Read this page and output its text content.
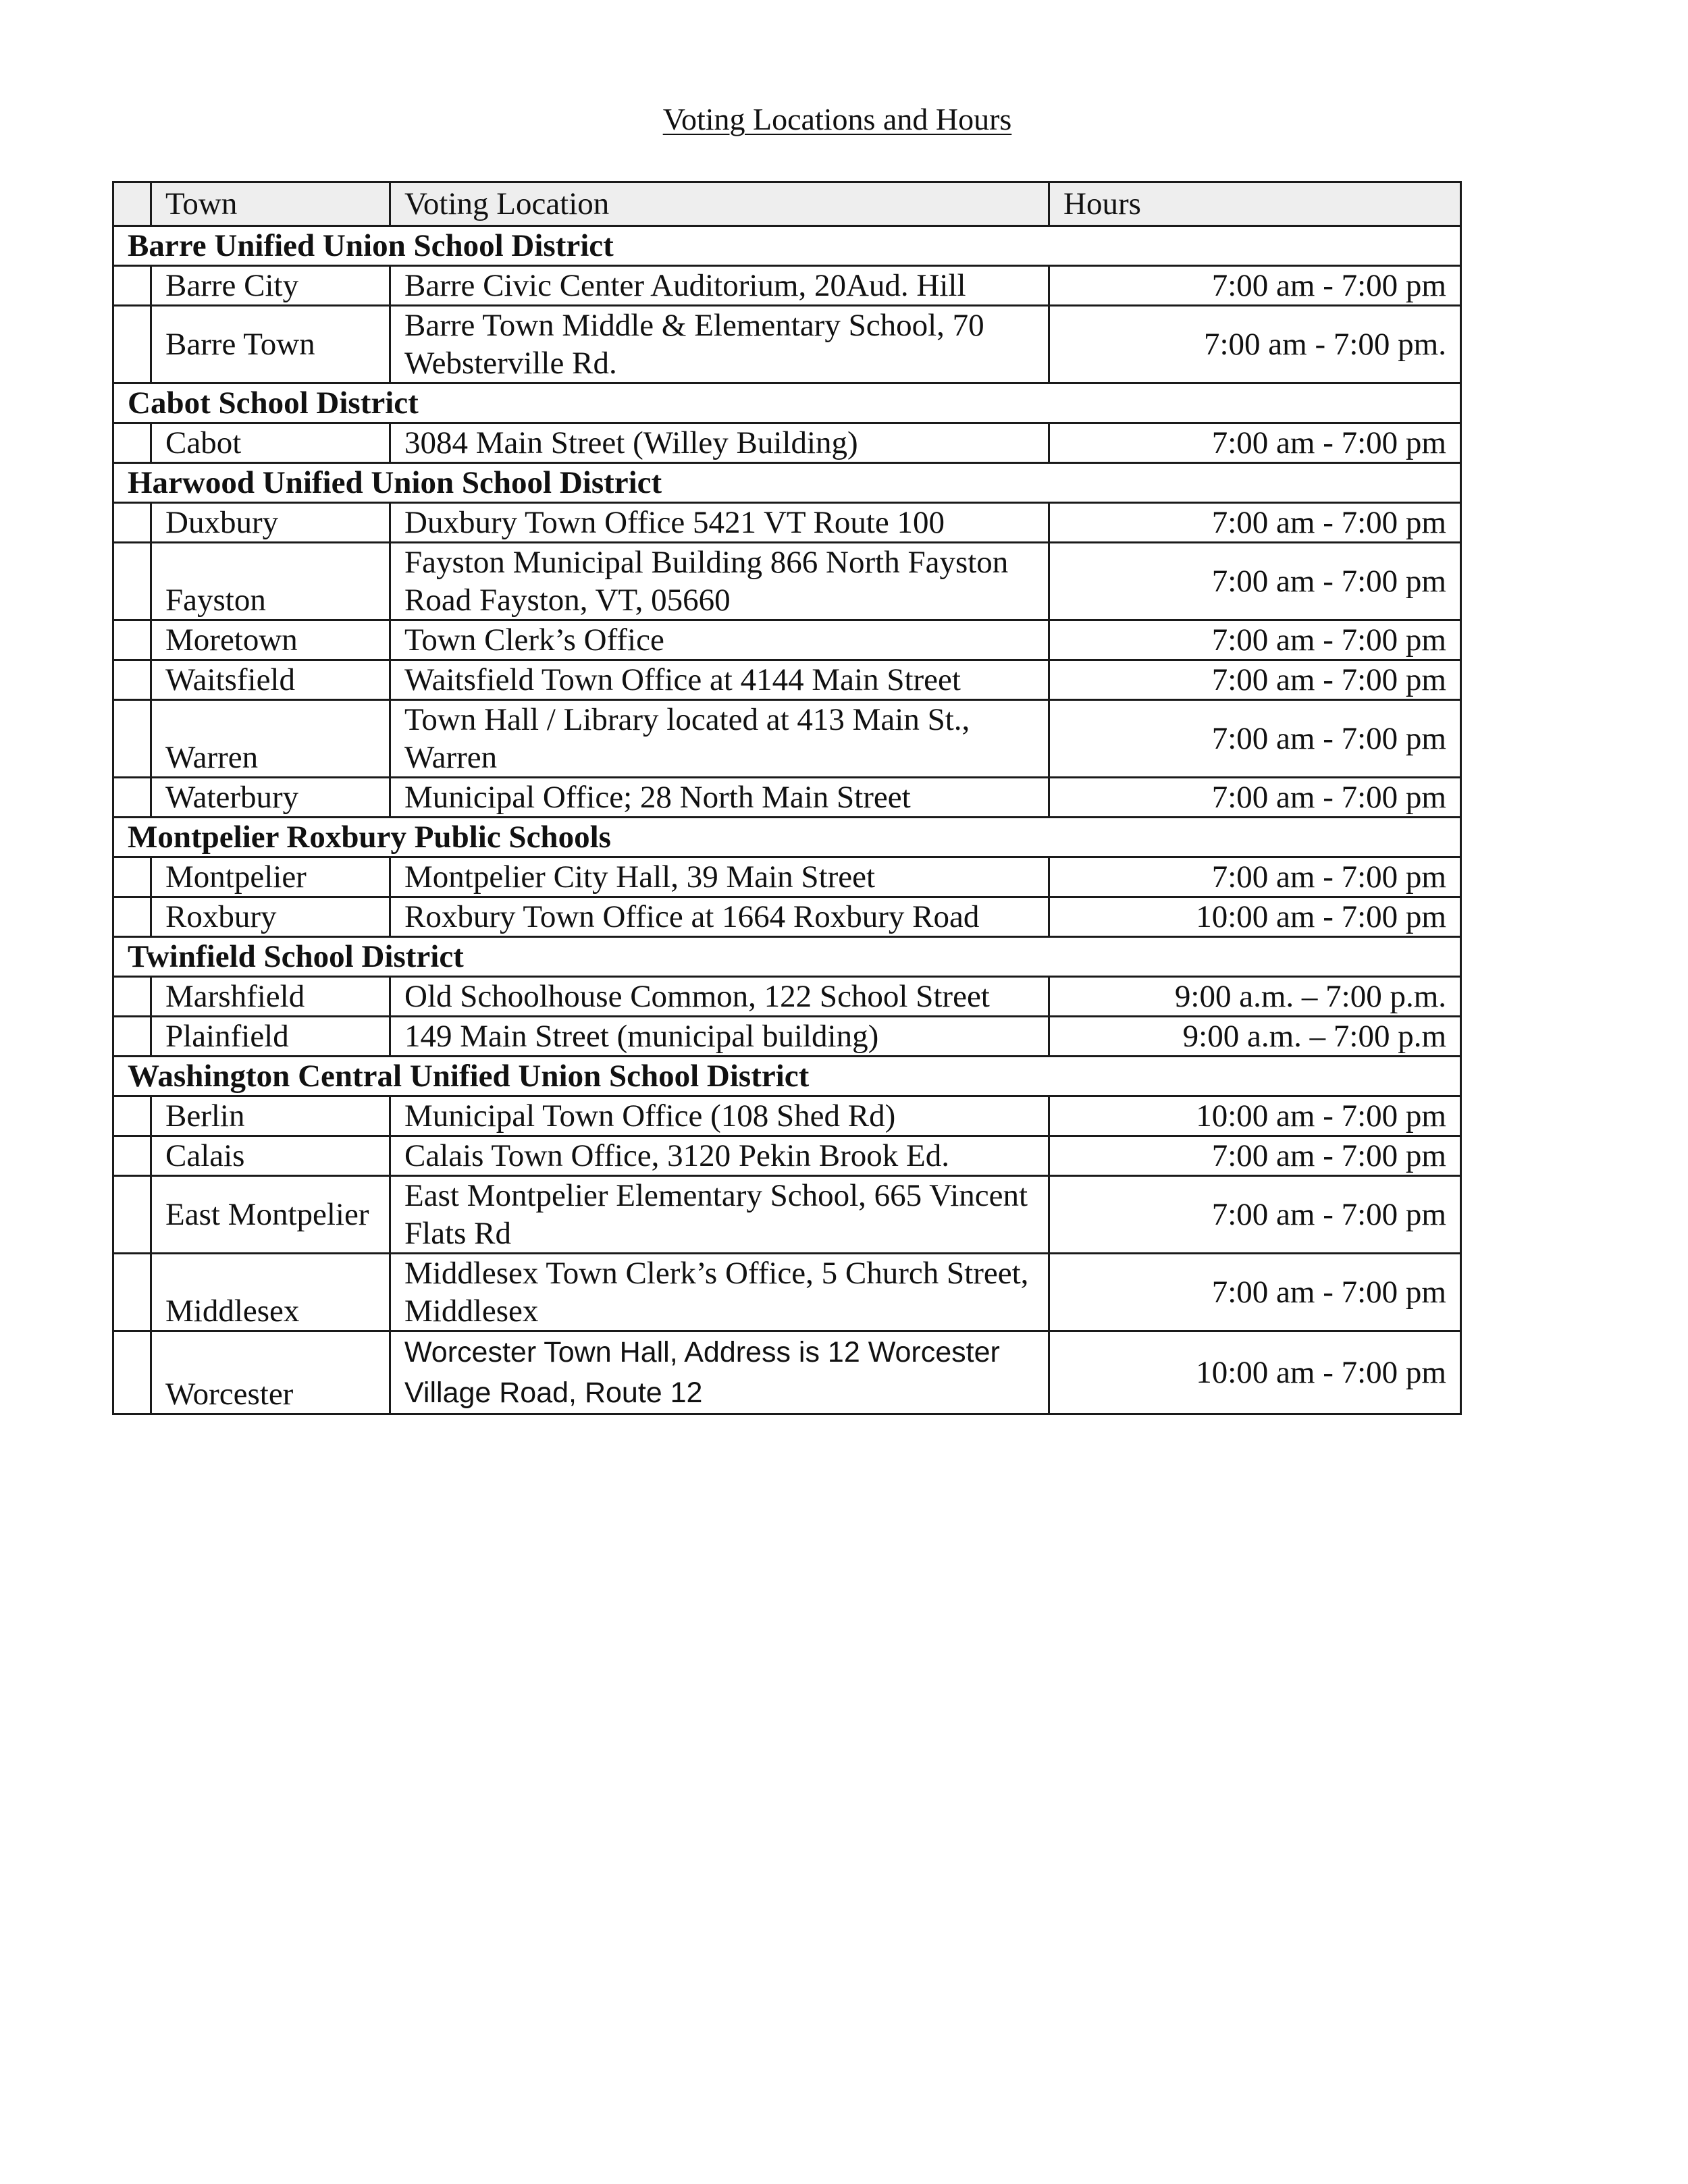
Voting Locations and Hours
	Town	Voting Location	Hours
Barre Unified Union School District			
	Barre City	Barre Civic Center Auditorium, 20Aud. Hill	7:00 am - 7:00 pm
	Barre Town	Barre Town Middle & Elementary School, 70 Websterville Rd.	7:00 am - 7:00 pm.
Cabot School District			
	Cabot	3084 Main Street (Willey Building)	7:00 am - 7:00 pm
Harwood Unified Union School District			
	Duxbury	Duxbury Town Office 5421 VT Route 100	7:00 am - 7:00 pm
	Fayston	Fayston Municipal Building 866 North Fayston Road Fayston, VT, 05660	7:00 am - 7:00 pm
	Moretown	Town Clerk’s Office	7:00 am - 7:00 pm
	Waitsfield	Waitsfield Town Office at 4144 Main Street	7:00 am - 7:00 pm
	Warren	Town Hall / Library located at 413 Main St., Warren	7:00 am - 7:00 pm
	Waterbury	Municipal Office; 28 North Main Street	7:00 am - 7:00 pm
Montpelier Roxbury Public Schools			
	Montpelier	Montpelier City Hall, 39 Main Street	7:00 am - 7:00 pm
	Roxbury	Roxbury Town Office at 1664 Roxbury Road	10:00 am - 7:00 pm
Twinfield School District			
	Marshfield	Old Schoolhouse Common, 122 School Street	9:00 a.m. – 7:00 p.m.
	Plainfield	149 Main Street (municipal building)	9:00 a.m. – 7:00 p.m
Washington Central Unified Union School District			
	Berlin	Municipal Town Office (108 Shed Rd)	10:00 am - 7:00 pm
	Calais	Calais Town Office, 3120 Pekin Brook Ed.	7:00 am - 7:00 pm
	East Montpelier	East Montpelier Elementary School, 665 Vincent Flats Rd	7:00 am - 7:00 pm
	Middlesex	Middlesex Town Clerk’s Office, 5 Church Street, Middlesex	7:00 am - 7:00 pm
	Worcester	Worcester Town Hall, Address is 12 Worcester Village Road, Route 12	10:00 am - 7:00 pm
